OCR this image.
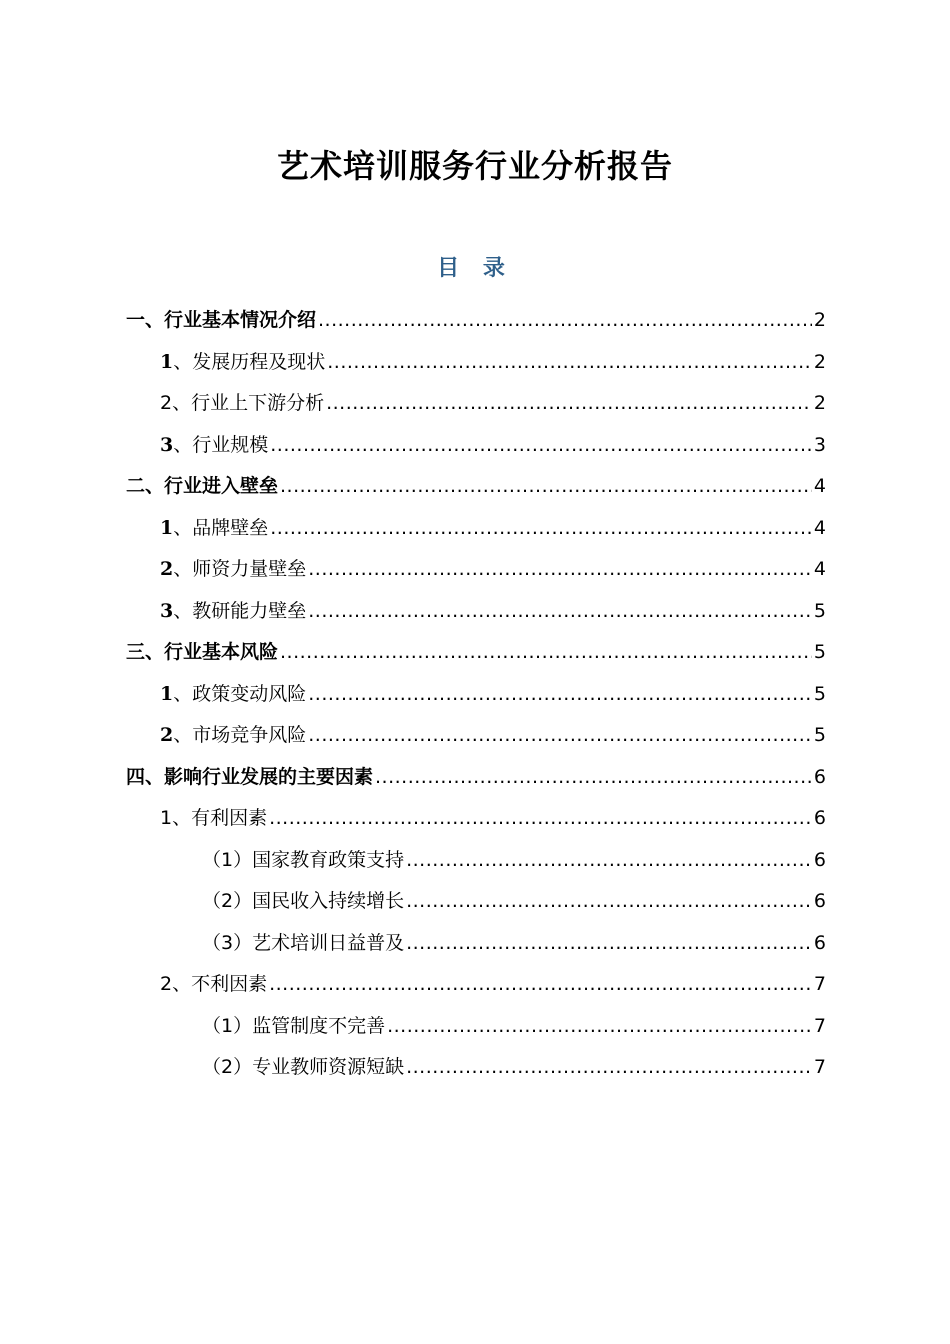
艺术培训服务行业分析报告
目 录
一、行业基本情况介绍 .....	2
1、发展历程及现状 .....	2
2、行业上下游分析 .....	2
3、行业规模 .....	3
二、行业进入壁垒 .....	4
1、品牌壁垒 .....	4
2、师资力量壁垒 .....	4
3、教研能力壁垒 .....	5
三、行业基本风险 .....	5
1、政策变动风险 .....	5
2、市场竞争风险 .....	5
四、影响行业发展的主要因素 .....	6
1、有利因素 .....	6
（1）国家教育政策支持 .....	6
（2）国民收入持续增长 .....	6
（3）艺术培训日益普及 .....	6
2、不利因素 .....	7
（1）监管制度不完善 .....	7
（2）专业教师资源短缺 .....	7
